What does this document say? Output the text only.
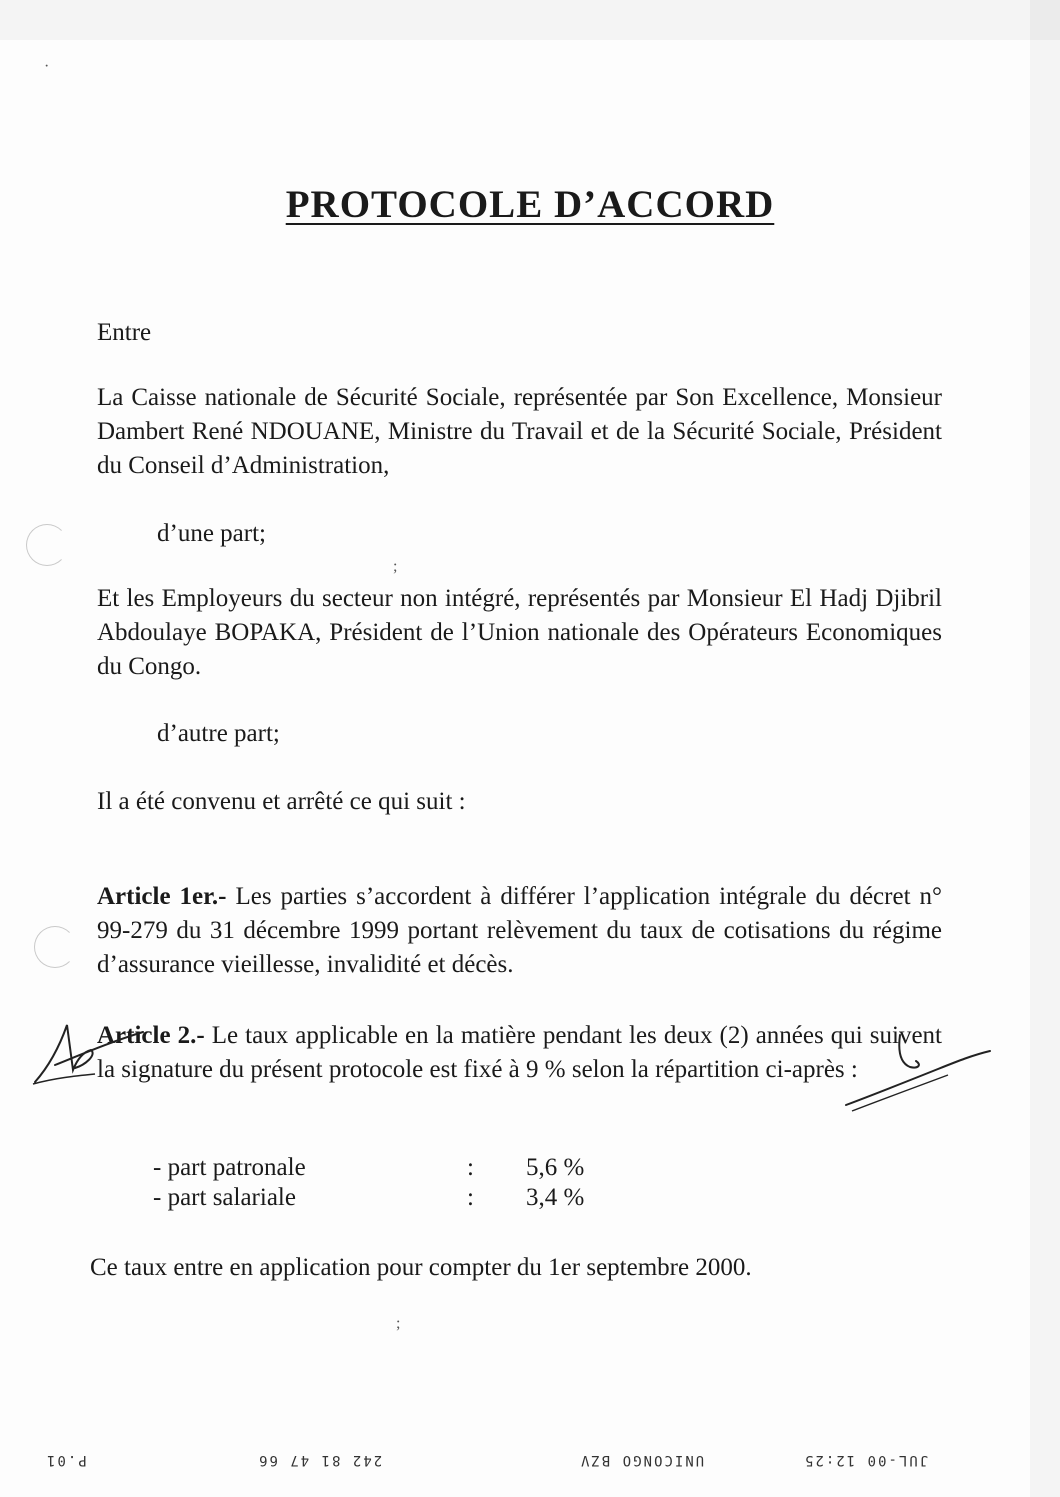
PROTOCOLE D’ACCORD
Entre
La Caisse nationale de Sécurité Sociale, représentée par Son Excellence, Monsieur Dambert René NDOUANE, Ministre du Travail et de la Sécurité Sociale, Président du Conseil d’Administration,
d’une part;
Et les Employeurs du secteur non intégré, représentés par Monsieur El Hadj Djibril Abdoulaye BOPAKA, Président de l’Union nationale des Opérateurs Economiques du Congo.
d’autre part;
Il a été convenu et arrêté ce qui suit :
Article 1er.- Les parties s’accordent à différer l’application intégrale du décret n° 99-279 du 31 décembre 1999 portant relèvement du taux de cotisations du régime d’assurance vieillesse, invalidité et décès.
Article 2.- Le taux applicable en la matière pendant les deux (2) années qui suivent la signature du présent protocole est fixé à 9 % selon la répartition ci-après :
- part patronale	: 5,6 %
- part salariale	: 3,4 %
Ce taux entre en application pour compter du 1er septembre 2000.
·
;
;
P.01	242 81 47 66	UNICONGO BZV	JUL-00 12:25
